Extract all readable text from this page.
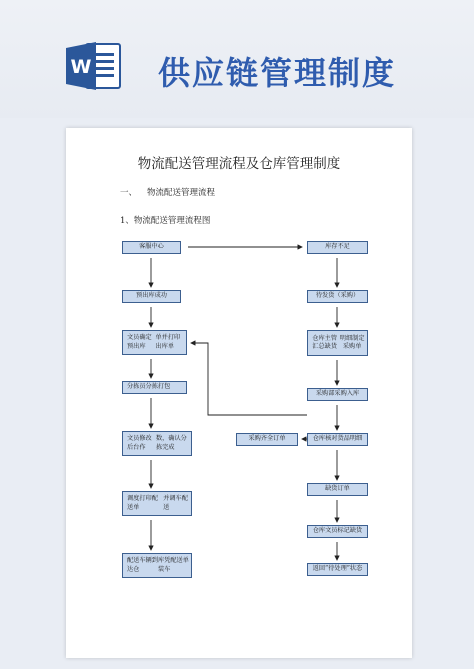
W 供应链管理制度
物流配送管理流程及仓库管理制度
一、 物流配送管理流程
1、物流配送管理流程图
客服中心
预出库成功
文员确定预出库

单并打印出库单
分拣员分拣打包
文员修改后台作

数，确认分拣完成
调度打印配送单

并调车配送
配送车辆到达仓

库凭配送单装车
库存不足
待发货（采购）
仓库主管汇总缺货

明细制定采购单
采购部采购入库
仓库核对货品明细
缺货订单
仓库文员标记缺货
返回“待处理”状态
采购齐全订单
